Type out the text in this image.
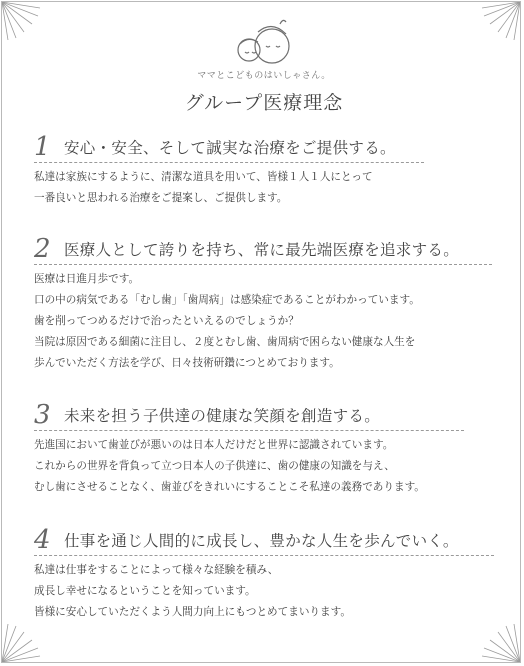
ママとこどものはいしゃさん。
グループ医療理念
1 安心・安全、そして誠実な治療をご提供する。
私達は家族にするように、清潔な道具を用いて、皆様１人１人にとって
一番良いと思われる治療をご提案し、ご提供します。
2 医療人として誇りを持ち、常に最先端医療を追求する。
医療は日進月歩です。
口の中の病気である「むし歯」「歯周病」は感染症であることがわかっています。
歯を削ってつめるだけで治ったといえるのでしょうか？
当院は原因である細菌に注目し、２度とむし歯、歯周病で困らない健康な人生を
歩んでいただく方法を学び、日々技術研鑽につとめております。
3 未来を担う子供達の健康な笑顔を創造する。
先進国において歯並びが悪いのは日本人だけだと世界に認識されています。
これからの世界を背負って立つ日本人の子供達に、歯の健康の知識を与え、
むし歯にさせることなく、歯並びをきれいにすることこそ私達の義務であります。
4 仕事を通じ人間的に成長し、豊かな人生を歩んでいく。
私達は仕事をすることによって様々な経験を積み、
成長し幸せになるということを知っています。
皆様に安心していただくよう人間力向上にもつとめてまいります。
